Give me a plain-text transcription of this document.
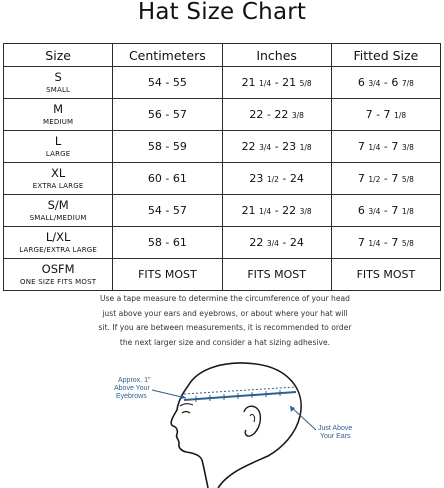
Hat Size Chart
Size	Centimeters	Inches	Fitted Size

S
SMALL	54 - 55	21 1/4 - 21 5/8	6 3/4 - 6 7/8

M
MEDIUM	56 - 57	22 - 22 3/8	7 - 7 1/8

L
LARGE	58 - 59	22 3/4 - 23 1/8	7 1/4 - 7 3/8

XL
EXTRA LARGE	60 - 61	23 1/2 - 24	7 1/2 - 7 5/8

S/M
SMALL/MEDIUM	54 - 57	21 1/4 - 22 3/8	6 3/4 - 7 1/8

L/XL
LARGE/EXTRA LARGE	58 - 61	22 3/4 - 24	7 1/4 - 7 5/8

OSFM
ONE SIZE FITS MOST	FITS MOST	FITS MOST	FITS MOST
Use a tape measure to determine the circumference of your head
just above your ears and eyebrows, or about where your hat will
sit. If you are between measurements, it is recommended to order
the next larger size and consider a hat sizing adhesive.
Approx. 1"
Above Your
Eyebrows
Just Above
Your Ears
